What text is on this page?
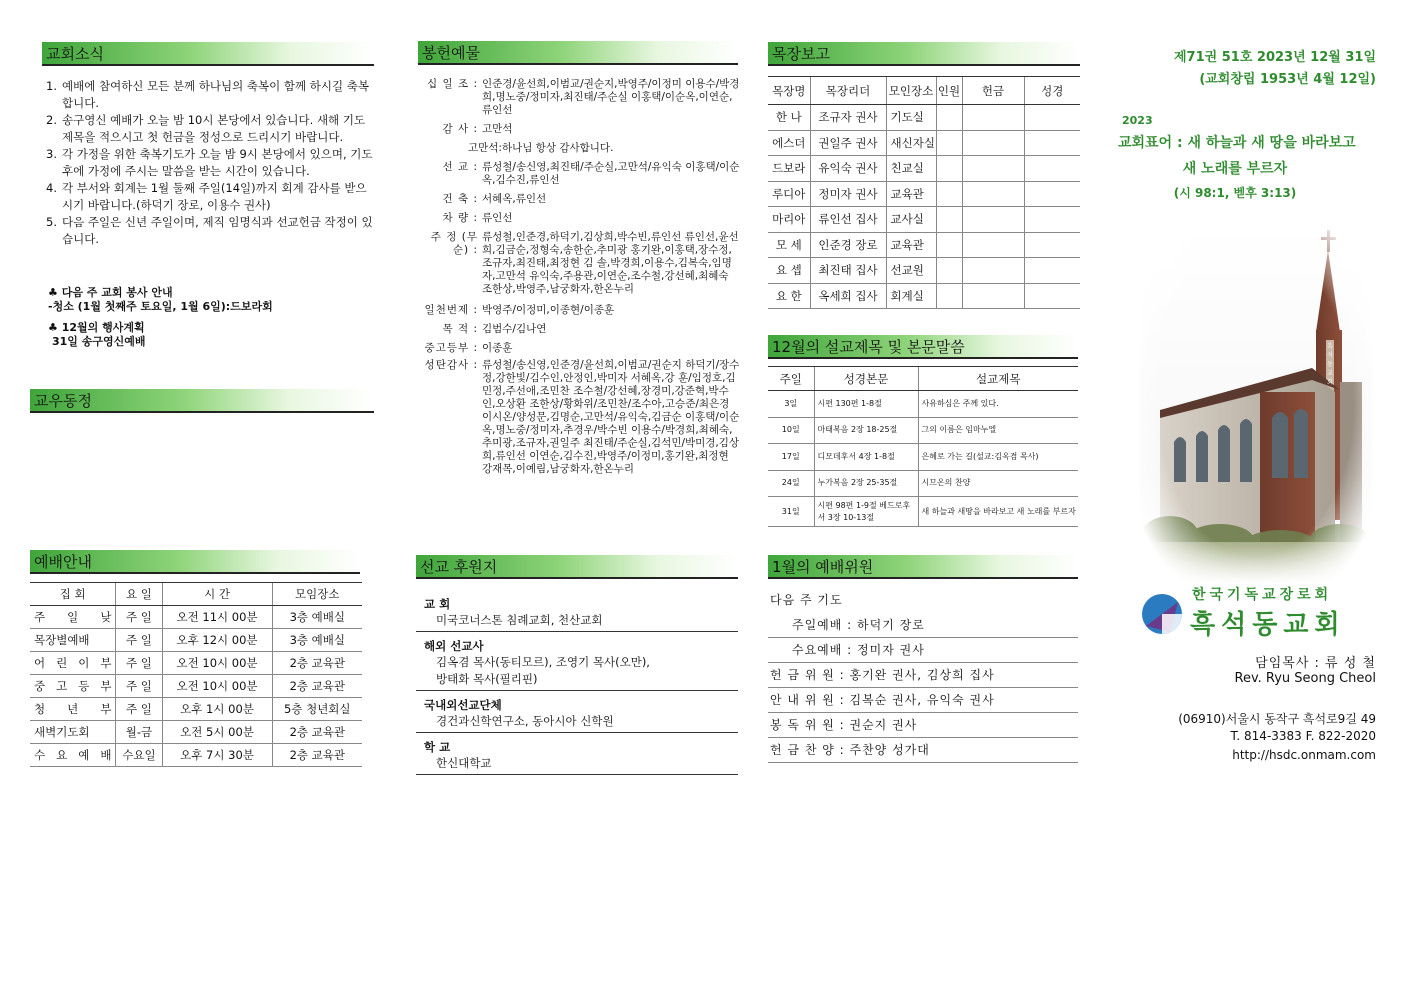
교회소식
1. 예배에 참여하신 모든 분께 하나님의 축복이 함께 하시길 축복합니다.
2. 송구영신 예배가 오늘 밤 10시 본당에서 있습니다. 새해 기도 제목을 적으시고 첫 헌금을 정성으로 드리시기 바랍니다.
3. 각 가정을 위한 축복기도가 오늘 밤 9시 본당에서 있으며, 기도 후에 가정에 주시는 말씀을 받는 시간이 있습니다.
4. 각 부서와 회계는 1월 둘째 주일(14일)까지 회계 감사를 받으시기 바랍니다.(하덕기 장로, 이용수 권사)
5. 다음 주일은 신년 주일이며, 제직 임명식과 선교헌금 작정이 있습니다.
♣ 다음 주 교회 봉사 안내
-청소 (1월 첫째주 토요일, 1월 6일):드보라회
♣ 12월의 행사계획
31일 송구영신예배
교우동정
예배안내
집 회	요 일	시 간	모임장소
주 일 낮	주 일	오전 11시 00분	3층 예배실
목장별예배	주 일	오후 12시 00분	3층 예배실
어 린 이 부	주 일	오전 10시 00분	2층 교육관
중 고 등 부	주 일	오전 10시 00분	2층 교육관
청 년 부	주 일	오후 1시 00분	5층 청년회실
새벽기도회	월-금	오전 5시 00분	2층 교육관
수 요 예 배	수요일	오후 7시 30분	2층 교육관
봉헌예물
십 일 조 : 인준경/윤선희,이범교/권순지,박영주/이정미 이용수/박경희,명노중/정미자,최진태/주순실 이홍택/이순옥,이연순,류인선
감 사 : 고만석
고만석:하나님 항상 감사합니다.
선 교 : 류성철/송신영,최진태/주순실,고만석/유익숙 이홍택/이순옥,김수진,류인선
건 축 : 서혜옥,류인선
차 량 : 류인선
주 정 (무 순) :
류성철,인준경,하덕기,김상희,박수빈,류인선 류인선,윤선희,김금순,정형숙,송한순,추미광 홍기완,이홍택,장수정,조규자,최진태,최정현 김 솔,박경희,이용수,김복숙,임명자,고만석 유익숙,주용관,이연순,조수철,강선혜,최혜숙 조한상,박영주,남궁화자,한온누리
일천번제 : 박영주/이정미,이종현/이종훈
목 적 : 김범수/김나연
중고등부 : 이종훈
성탄감사 : 류성철/송신영,인준경/윤선희,이범교/권순지 하덕기/장수정,강한빛/김수인,안정인,박미자 서혜옥,강 훈/임정호,김민정,주선애,조민찬 조수철/강선혜,장경미,강준혁,박수인,오상환 조한상/황화위/조민찬/조수아,고승준/최은경 이시온/양성문,김명순,고만석/유익숙,김금순 이홍택/이순옥,명노중/정미자,추경우/박수빈 이용수/박경희,최혜숙,추미광,조규자,권일주 최진태/주순실,김석민/박미경,김상희,류인선 이연순,김수진,박영주/이정미,홍기완,최정현 강재목,이예림,남궁화자,한온누리
선교 후원지
교 회
미국코너스톤 침례교회, 천산교회
해외 선교사
김옥겸 목사(동티모르), 조영기 목사(오만),
방태화 목사(필리핀)
국내외선교단체
경건과신학연구소, 동아시아 신학원
학 교
한신대학교
목장보고
목장명	목장리더	모인장소	인원	헌금	성경
한 나	조규자 권사	기도실			
에스더	권일주 권사	새신자실			
드보라	유익숙 권사	친교실			
루디아	정미자 권사	교육관			
마리아	류인선 집사	교사실			
모 세	인준경 장로	교육관			
요 셉	최진태 집사	선교원			
요 한	옥세희 집사	회계실			
12월의 설교제목 및 본문말씀
주일	성경본문	설교제목
3일	시편 130편 1-8절	사유하심은 주께 있다.
10일	마태복음 2장 18-25절	그의 이름은 임마누엘
17일	디모데후서 4장 1-8절	은혜로 가는 길(설교:김옥겸 목사)
24일	누가복음 2장 25-35절	시므온의 찬양
31일	시편 98편 1-9절 베드로후서 3장 10-13절	새 하늘과 새땅을 바라보고 새 노래를 부르자
1월의 예배위원
다음 주 기도
주일예배 : 하덕기 장로
수요예배 : 정미자 권사
헌 금 위 원 : 홍기완 권사, 김상희 집사
안 내 위 원 : 김복순 권사, 유익숙 권사
봉 독 위 원 : 권순지 권사
헌 금 찬 양 : 주찬양 성가대
제71권 51호 2023년 12월 31일
(교회창립 1953년 4월 12일)
2023
교회표어 : 새 하늘과 새 땅을 바라보고
새 노래를 부르자
(시 98:1, 벧후 3:13)
흑석동교회
한국기독교장로회
흑석동교회
담임목사 : 류 성 철
Rev. Ryu Seong Cheol
(06910)서울시 동작구 흑석로9길 49
T. 814-3383 F. 822-2020
http://hsdc.onmam.com
